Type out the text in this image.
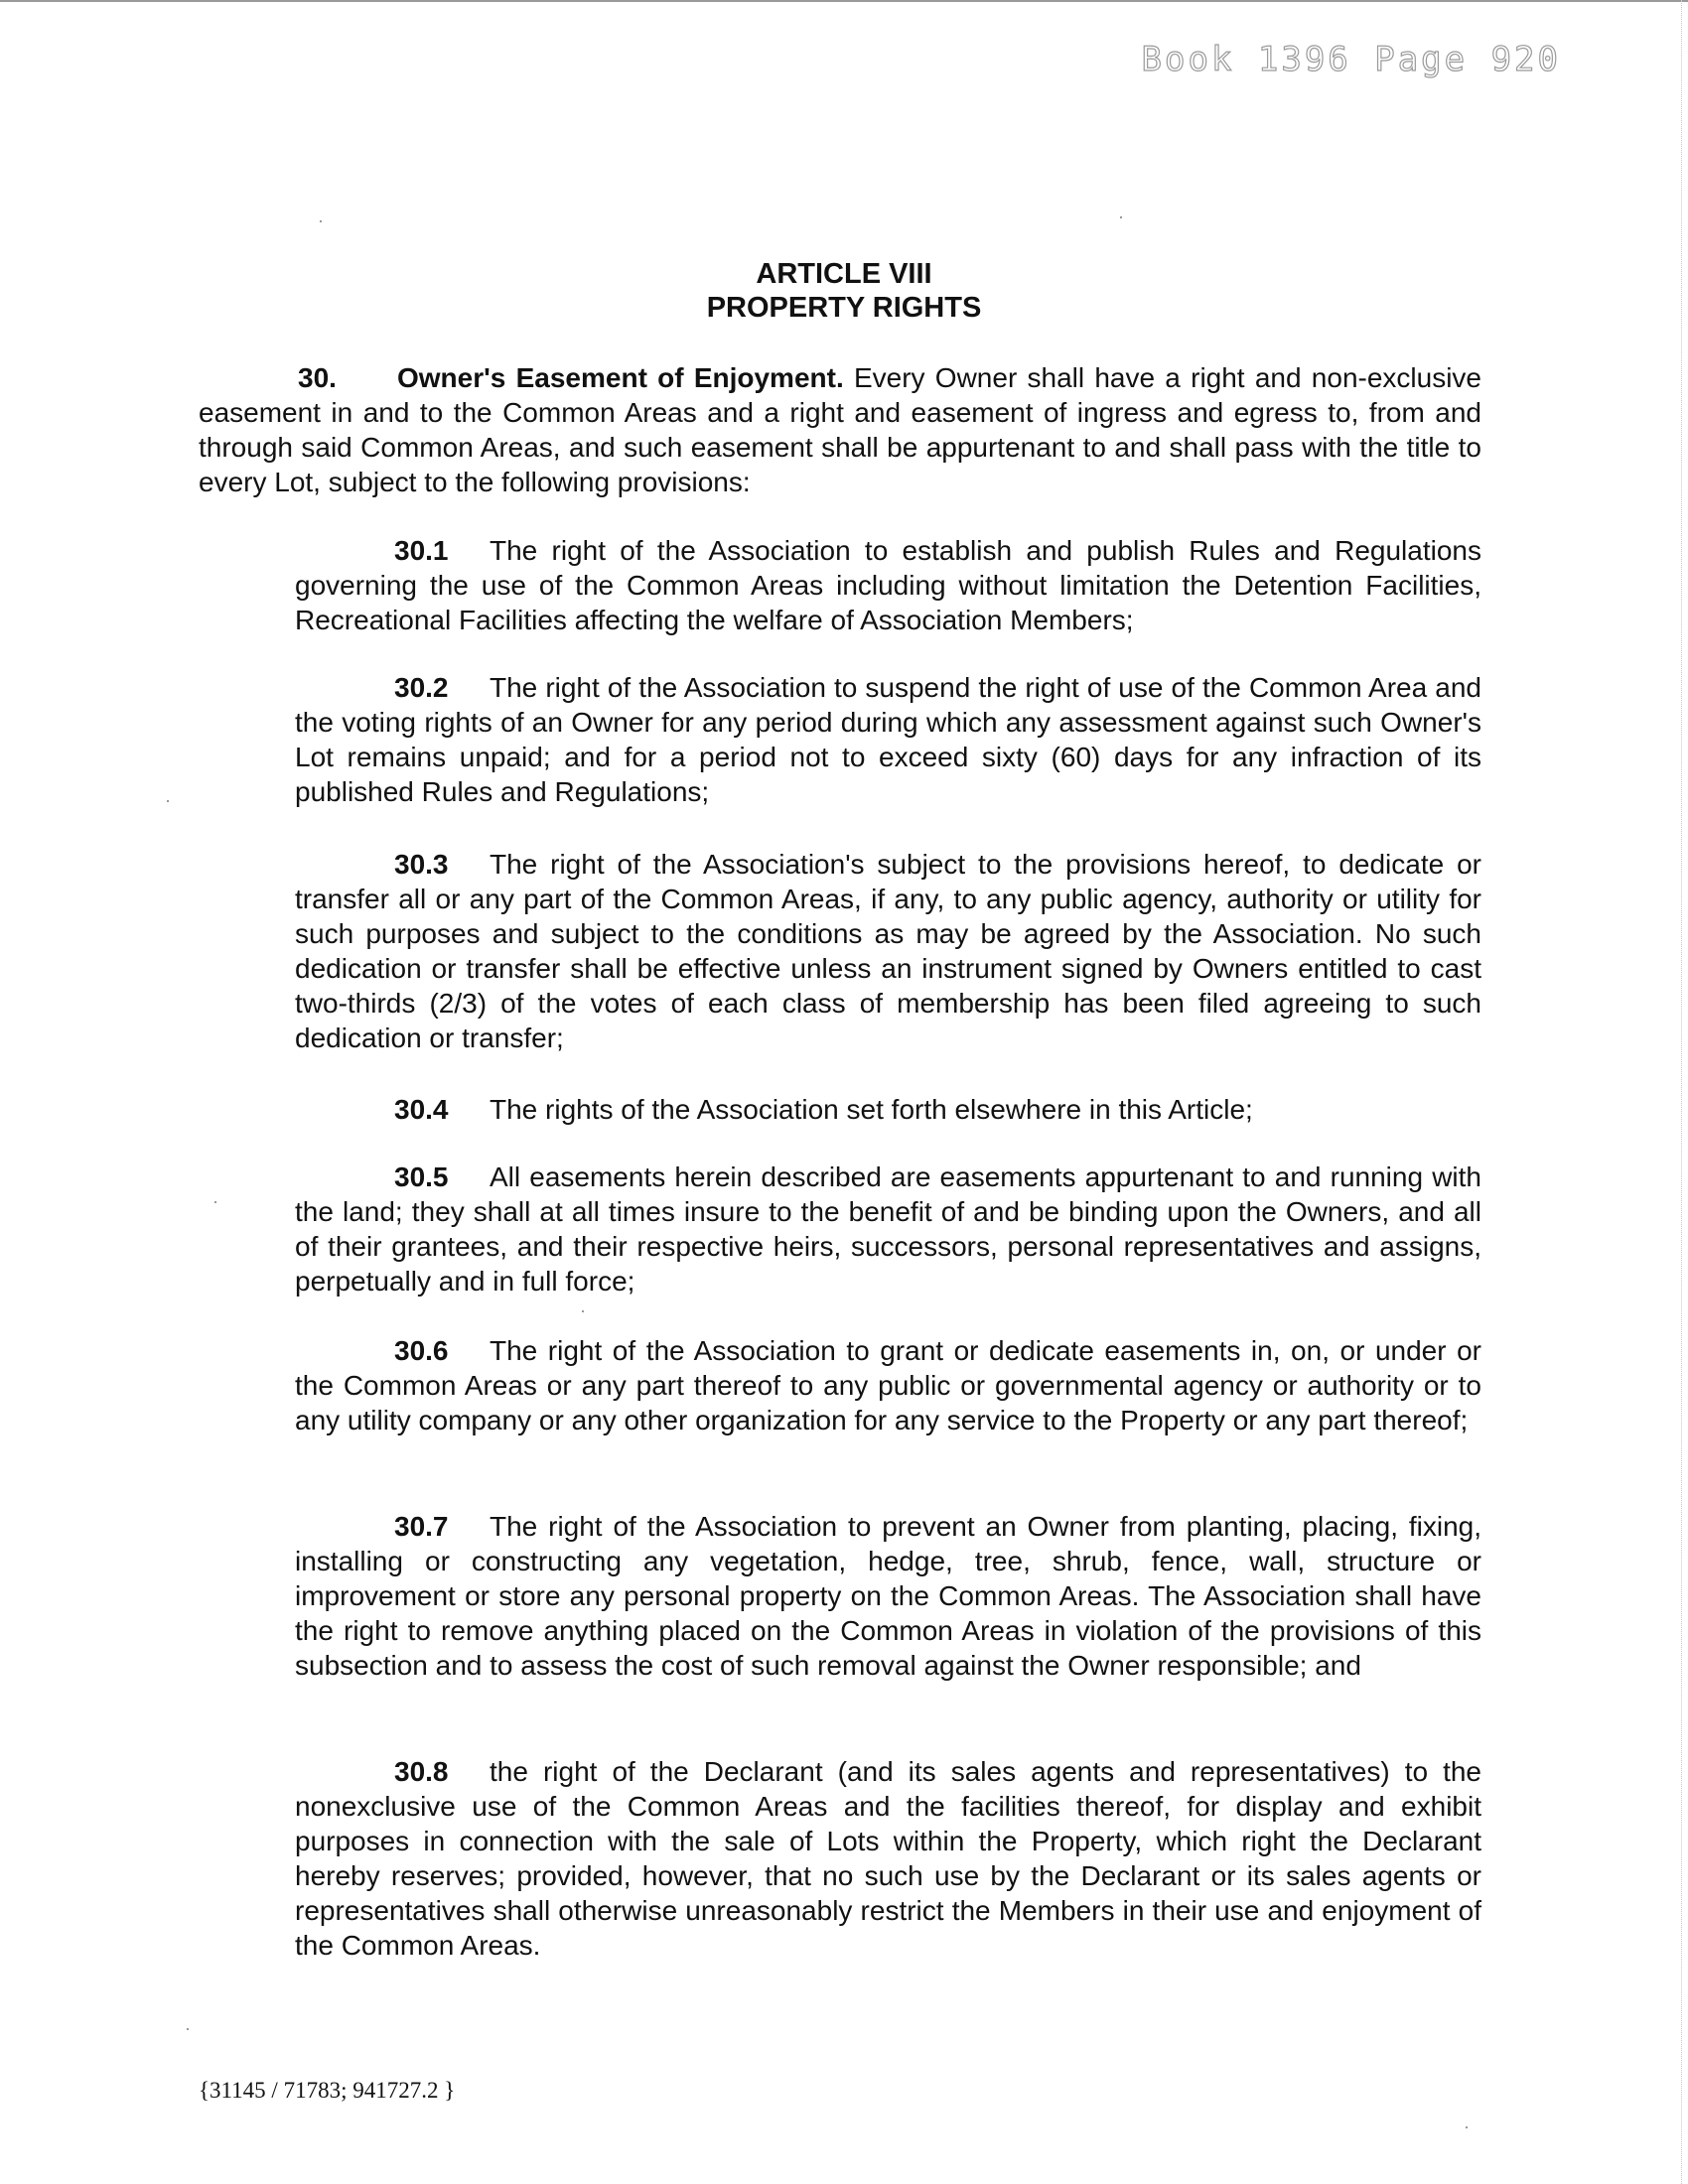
Book 1396 Page 920
ARTICLE VIII
PROPERTY RIGHTS

30. Owner's Easement of Enjoyment. Every Owner shall have a right and non-exclusive easement in and to the Common Areas and a right and easement of ingress and egress to, from and through said Common Areas, and such easement shall be appurtenant to and shall pass with the title to every Lot, subject to the following provisions:

30.1 The right of the Association to establish and publish Rules and Regulations governing the use of the Common Areas including without limitation the Detention Facilities, Recreational Facilities affecting the welfare of Association Members;

30.2 The right of the Association to suspend the right of use of the Common Area and the voting rights of an Owner for any period during which any assessment against such Owner's Lot remains unpaid; and for a period not to exceed sixty (60) days for any infraction of its published Rules and Regulations;

30.3 The right of the Association's subject to the provisions hereof, to dedicate or transfer all or any part of the Common Areas, if any, to any public agency, authority or utility for such purposes and subject to the conditions as may be agreed by the Association. No such dedication or transfer shall be effective unless an instrument signed by Owners entitled to cast two-thirds (2/3) of the votes of each class of membership has been filed agreeing to such dedication or transfer;

30.4 The rights of the Association set forth elsewhere in this Article;

30.5 All easements herein described are easements appurtenant to and running with the land; they shall at all times insure to the benefit of and be binding upon the Owners, and all of their grantees, and their respective heirs, successors, personal representatives and assigns, perpetually and in full force;

30.6 The right of the Association to grant or dedicate easements in, on, or under or the Common Areas or any part thereof to any public or governmental agency or authority or to any utility company or any other organization for any service to the Property or any part thereof;

30.7 The right of the Association to prevent an Owner from planting, placing, fixing, installing or constructing any vegetation, hedge, tree, shrub, fence, wall, structure or improvement or store any personal property on the Common Areas. The Association shall have the right to remove anything placed on the Common Areas in violation of the provisions of this subsection and to assess the cost of such removal against the Owner responsible; and

30.8 the right of the Declarant (and its sales agents and representatives) to the nonexclusive use of the Common Areas and the facilities thereof, for display and exhibit purposes in connection with the sale of Lots within the Property, which right the Declarant hereby reserves; provided, however, that no such use by the Declarant or its sales agents or representatives shall otherwise unreasonably restrict the Members in their use and enjoyment of the Common Areas.

{31145 / 71783; 941727.2 }
